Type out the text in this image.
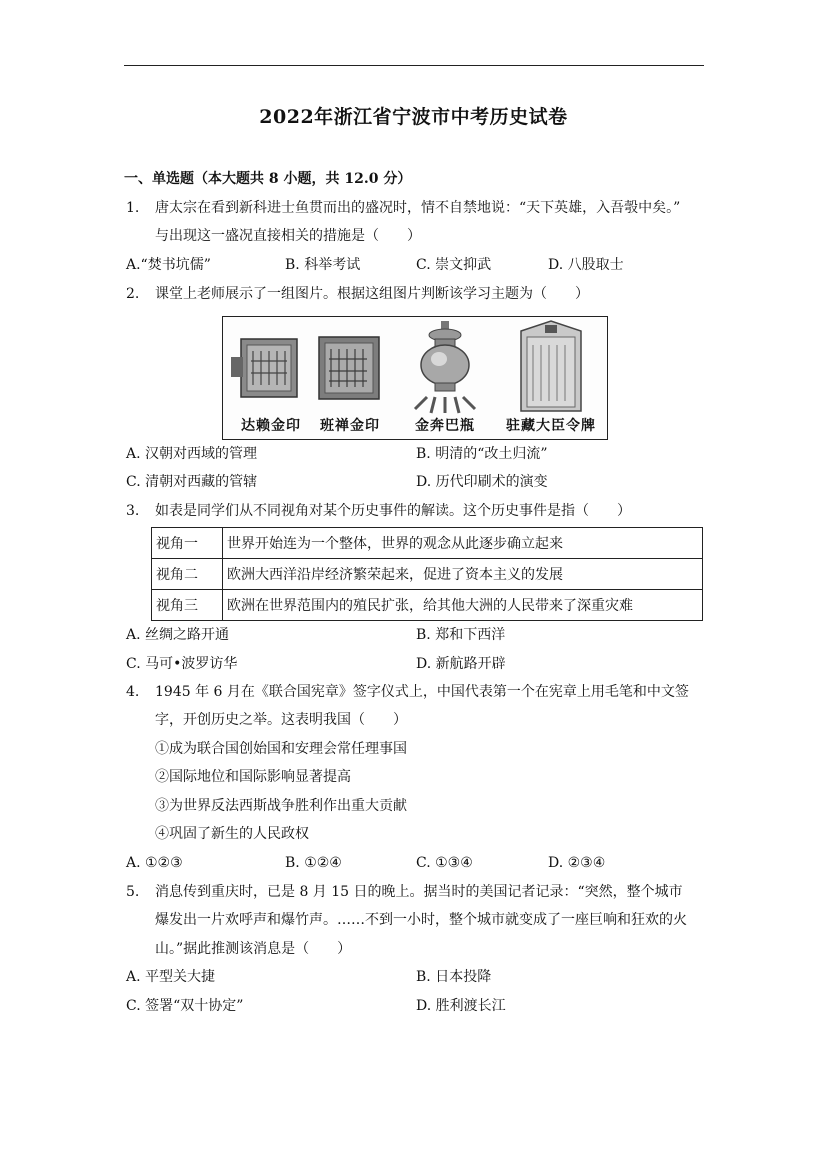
2022年浙江省宁波市中考历史试卷
一、单选题（本大题共 8 小题，共 12.0 分）
1. 唐太宗在看到新科进士鱼贯而出的盛况时，情不自禁地说：“天下英雄，入吾彀中矣。”
与出现这一盛况直接相关的措施是（　　）
A.“焚书坑儒”	B. 科举考试	C. 崇文抑武	D. 八股取士
2. 课堂上老师展示了一组图片。根据这组图片判断该学习主题为（　　）
达赖金印	班禅金印	金奔巴瓶	驻藏大臣令牌
A. 汉朝对西域的管理	B. 明清的“改土归流”
C. 清朝对西藏的管辖	D. 历代印刷术的演变
3. 如表是同学们从不同视角对某个历史事件的解读。这个历史事件是指（　　）
视角一	世界开始连为一个整体，世界的观念从此逐步确立起来
视角二	欧洲大西洋沿岸经济繁荣起来，促进了资本主义的发展
视角三	欧洲在世界范围内的殖民扩张，给其他大洲的人民带来了深重灾难
A. 丝绸之路开通	B. 郑和下西洋
C. 马可•波罗访华	D. 新航路开辟
4. 1945 年 6 月在《联合国宪章》签字仪式上，中国代表第一个在宪章上用毛笔和中文签
字，开创历史之举。这表明我国（　　）
①成为联合国创始国和安理会常任理事国
②国际地位和国际影响显著提高
③为世界反法西斯战争胜利作出重大贡献
④巩固了新生的人民政权
A. ①②③	B. ①②④	C. ①③④	D. ②③④
5. 消息传到重庆时，已是 8 月 15 日的晚上。据当时的美国记者记录：“突然，整个城市
爆发出一片欢呼声和爆竹声。……不到一小时，整个城市就变成了一座巨响和狂欢的火
山。”据此推测该消息是（　　）
A. 平型关大捷	B. 日本投降
C. 签署“双十协定”	D. 胜利渡长江
